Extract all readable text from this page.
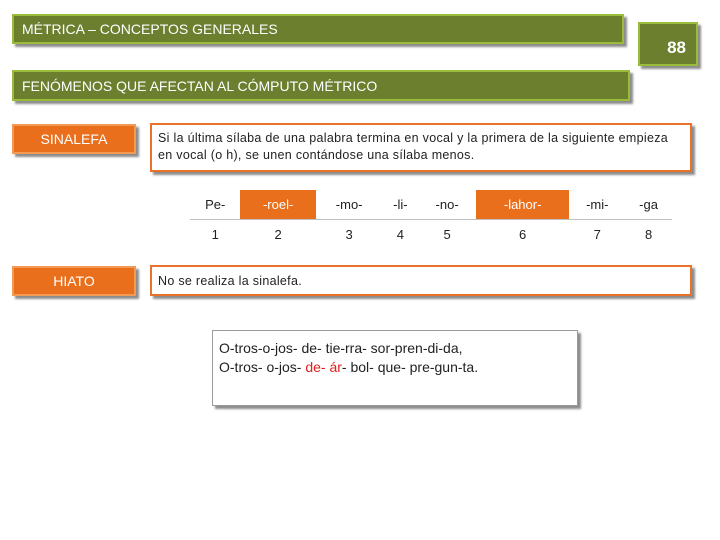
MÉTRICA – CONCEPTOS GENERALES
88
FENÓMENOS QUE AFECTAN AL CÓMPUTO MÉTRICO
SINALEFA	Si la última sílaba de una palabra termina en vocal y la primera de la siguiente empieza en vocal (o h), se unen contándose una sílaba menos.
Pe-	-roel-	-mo-	-li-	-no-	-lahor-	-mi-	-ga
1	2	3	4	5	6	7	8
HIATO	No se realiza la sinalefa.
O-tros-o-jos- de- tie-rra- sor-pren-di-da,
O-tros- o-jos- de- ár- bol- que- pre-gun-ta.
